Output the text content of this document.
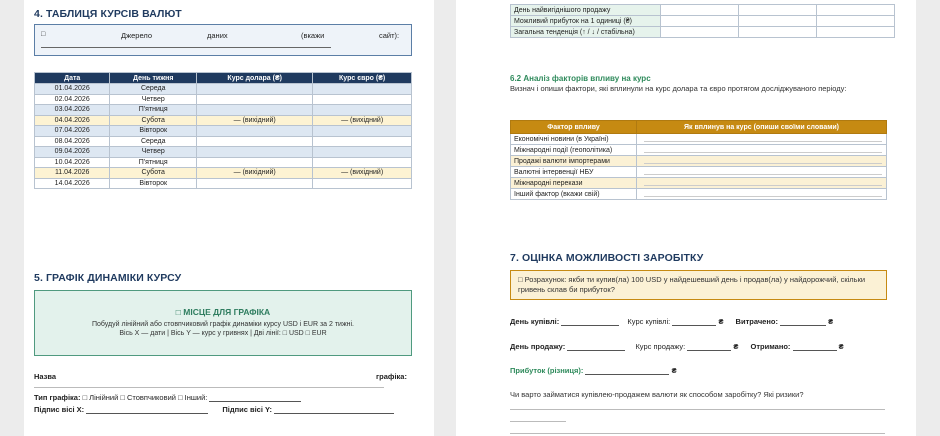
4. ТАБЛИЦЯ КУРСІВ ВАЛЮТ
□	Джерело	даних	(вкажи	сайт):
Дата	День тижня	Курс долара (₴)	Курс євро (₴)
01.04.2026	Середа		
02.04.2026	Четвер		
03.04.2026	П'ятниця		
04.04.2026	Субота	— (вихідний)	— (вихідний)
07.04.2026	Вівторок		
08.04.2026	Середа		
09.04.2026	Четвер		
10.04.2026	П'ятниця		
11.04.2026	Субота	— (вихідний)	— (вихідний)
14.04.2026	Вівторок		
5. ГРАФІК ДИНАМІКИ КУРСУ
□ МІСЦЕ ДЛЯ ГРАФІКА
Побудуй лінійний або стовпчиковий графік динаміки курсу USD і EUR за 2 тижні.
Вісь X — дати | Вісь Y — курс у гривнях | Дві лінії: □ USD □ EUR
Назва	графіка:
Тип графіка: □ Лінійний □ Стовпчиковий □ Інший:
Підпис вісі X:	Підпис вісі Y:
День найвигіднішого продажу			
Можливий прибуток на 1 одиниці (₴)			
Загальна тенденція (↑ / ↓ / стабільна)			
6.2 Аналіз факторів впливу на курс
Визнач і опиши фактори, які вплинули на курс долара та євро протягом досліджуваного періоду:
Фактор впливу	Як вплинув на курс (опиши своїми словами)
Економічні новини (в Україні)	

Міжнародні події (геополітика)	

Продажі валюти імпортерами	

Валютні інтервенції НБУ	

Міжнародні перекази	

Інший фактор (вкажи свій)	
7. ОЦІНКА МОЖЛИВОСТІ ЗАРОБІТКУ
□ Розрахунок: якби ти купив(ла) 100 USD у найдешевший день і продав(ла) у найдорожчий, скільки гривень склав би прибуток?
День купівлі:	Курс купівлі:	₴ Витрачено:	₴
День продажу:	Курс продажу:	₴ Отримано:	₴
Прибуток (різниця):	₴
Чи варто займатися купівлею-продажем валюти як способом заробітку? Які ризики?
